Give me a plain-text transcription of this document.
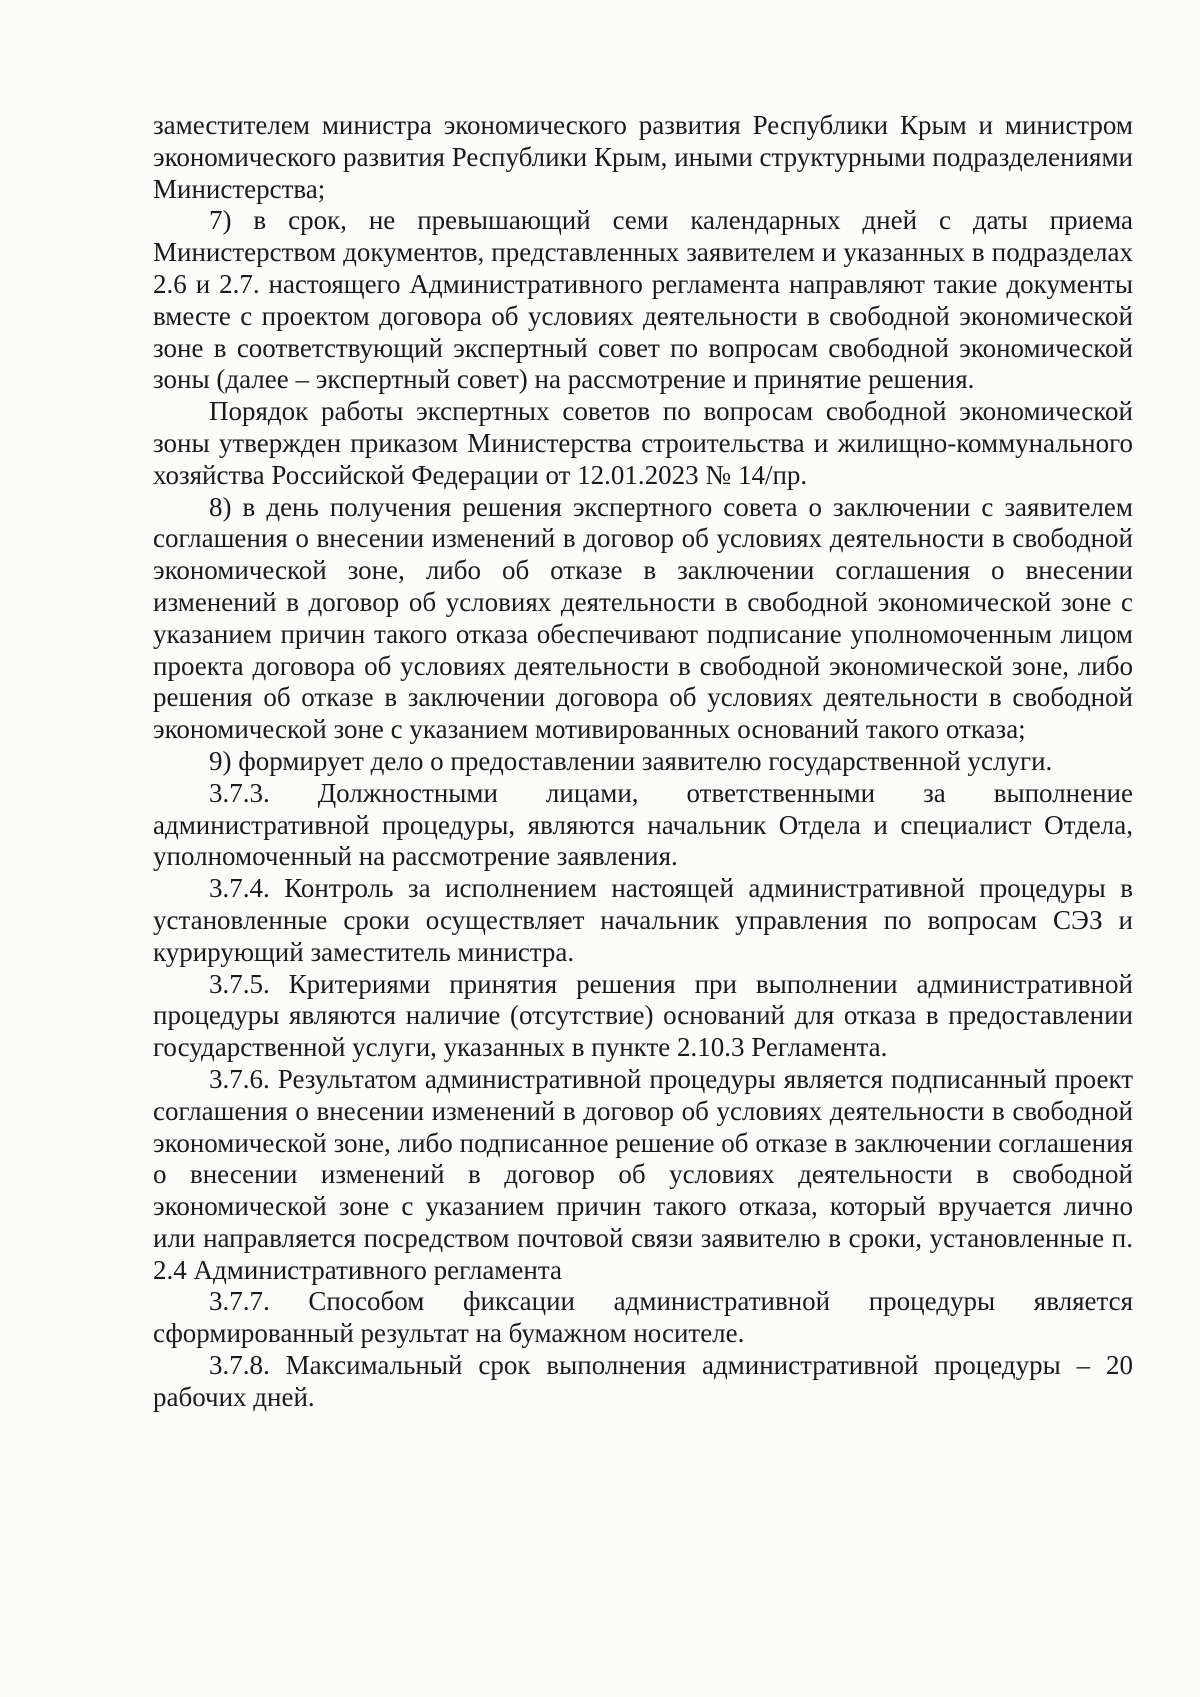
заместителем министра экономического развития Республики Крым и министром экономического развития Республики Крым, иными структурными подразделениями Министерства;

7) в срок, не превышающий семи календарных дней с даты приема Министерством документов, представленных заявителем и указанных в подразделах 2.6 и 2.7. настоящего Административного регламента направляют такие документы вместе с проектом договора об условиях деятельности в свободной экономической зоне в соответствующий экспертный совет по вопросам свободной экономической зоны (далее – экспертный совет) на рассмотрение и принятие решения.

Порядок работы экспертных советов по вопросам свободной экономической зоны утвержден приказом Министерства строительства и жилищно-коммунального хозяйства Российской Федерации от 12.01.2023 № 14/пр.

8) в день получения решения экспертного совета о заключении с заявителем соглашения о внесении изменений в договор об условиях деятельности в свободной экономической зоне, либо об отказе в заключении соглашения о внесении изменений в договор об условиях деятельности в свободной экономической зоне с указанием причин такого отказа обеспечивают подписание уполномоченным лицом проекта договора об условиях деятельности в свободной экономической зоне, либо решения об отказе в заключении договора об условиях деятельности в свободной экономической зоне с указанием мотивированных оснований такого отказа;

9) формирует дело о предоставлении заявителю государственной услуги.

3.7.3. Должностными лицами, ответственными за выполнение административной процедуры, являются начальник Отдела и специалист Отдела, уполномоченный на рассмотрение заявления.

3.7.4. Контроль за исполнением настоящей административной процедуры в установленные сроки осуществляет начальник управления по вопросам СЭЗ и курирующий заместитель министра.

3.7.5. Критериями принятия решения при выполнении административной процедуры являются наличие (отсутствие) оснований для отказа в предоставлении государственной услуги, указанных в пункте 2.10.3 Регламента.

3.7.6. Результатом административной процедуры является подписанный проект соглашения о внесении изменений в договор об условиях деятельности в свободной экономической зоне, либо подписанное решение об отказе в заключении соглашения о внесении изменений в договор об условиях деятельности в свободной экономической зоне с указанием причин такого отказа, который вручается лично или направляется посредством почтовой связи заявителю в сроки, установленные п. 2.4 Административного регламента

3.7.7. Способом фиксации административной процедуры является сформированный результат на бумажном носителе.

3.7.8. Максимальный срок выполнения административной процедуры – 20 рабочих дней.
